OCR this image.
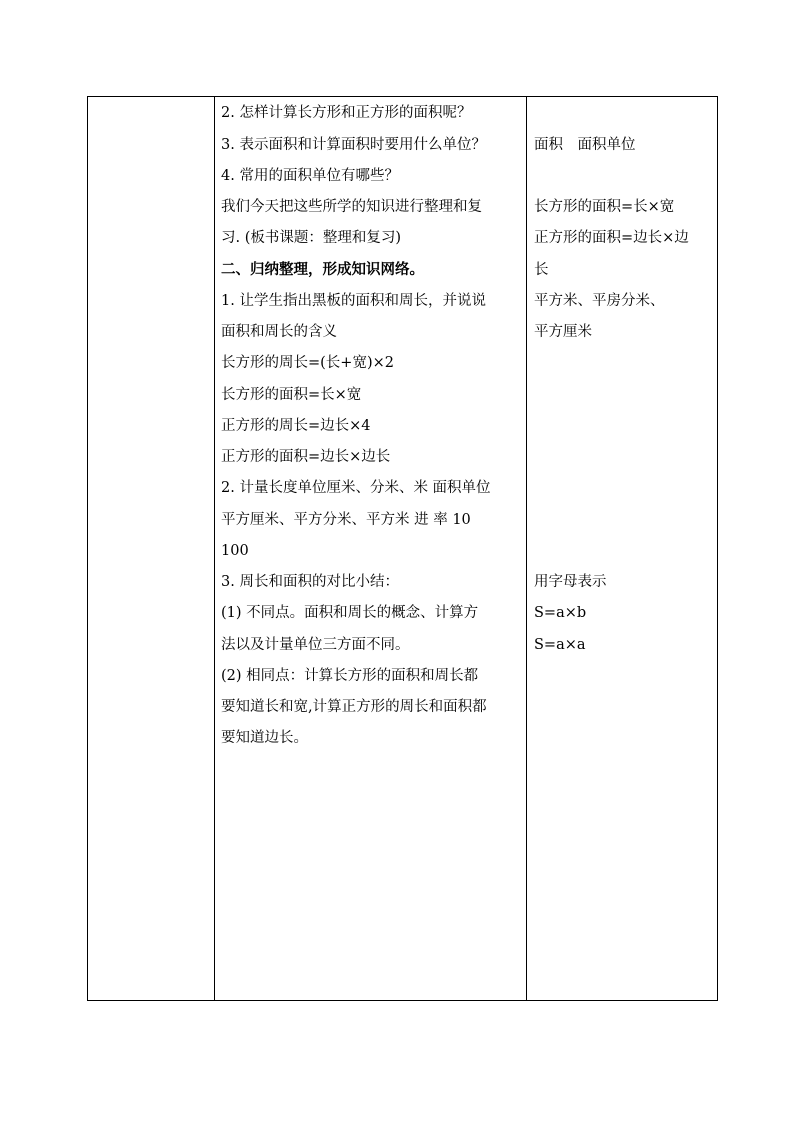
2. 怎样计算长方形和正方形的面积呢？
3. 表示面积和计算面积时要用什么单位？
4. 常用的面积单位有哪些？
我们今天把这些所学的知识进行整理和复
习. (板书课题：整理和复习)
二、归纳整理，形成知识网络。
1. 让学生指出黑板的面积和周长，并说说
面积和周长的含义
长方形的周长=(长+宽)×2
长方形的面积=长×宽
正方形的周长=边长×4
正方形的面积=边长×边长
2. 计量长度单位厘米、分米、米 面积单位
平方厘米、平方分米、平方米 进 率 10
100
3. 周长和面积的对比小结：
(1) 不同点。面积和周长的概念、计算方
法以及计量单位三方面不同。
(2) 相同点：计算长方形的面积和周长都
要知道长和宽,计算正方形的周长和面积都
要知道边长。
面积　面积单位
长方形的面积=长×宽
正方形的面积=边长×边
长
平方米、平房分米、
平方厘米
用字母表示
S=a×b
S=a×a
